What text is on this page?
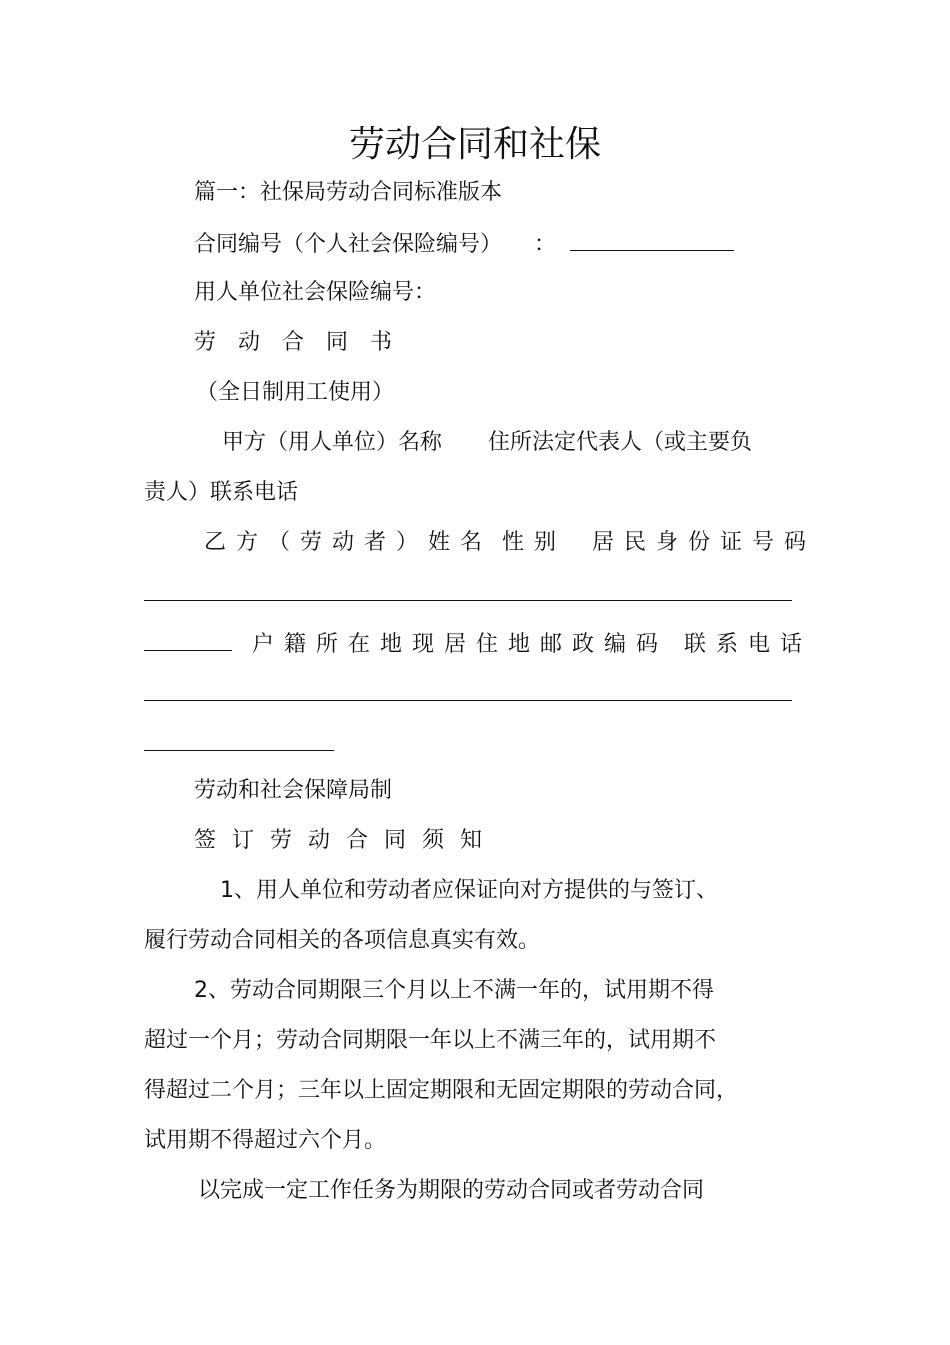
劳动合同和社保

篇一：社保局劳动合同标准版本

合同编号（个人社会保险编号） ：

用人单位社会保险编号：

劳动合同书

（全日制用工使用）

甲方（用人单位）名称 住所法定代表人（或主要负

责人）联系电话

乙方（劳动者）姓名 性别 居民身份证号码

户籍所在地现居住地邮政编码 联系电话

劳动和社会保障局制

签订劳动合同须知

1、用人单位和劳动者应保证向对方提供的与签订、

履行劳动合同相关的各项信息真实有效。

2、劳动合同期限三个月以上不满一年的，试用期不得

超过一个月；劳动合同期限一年以上不满三年的，试用期不

得超过二个月；三年以上固定期限和无固定期限的劳动合同，

试用期不得超过六个月。

以完成一定工作任务为期限的劳动合同或者劳动合同
